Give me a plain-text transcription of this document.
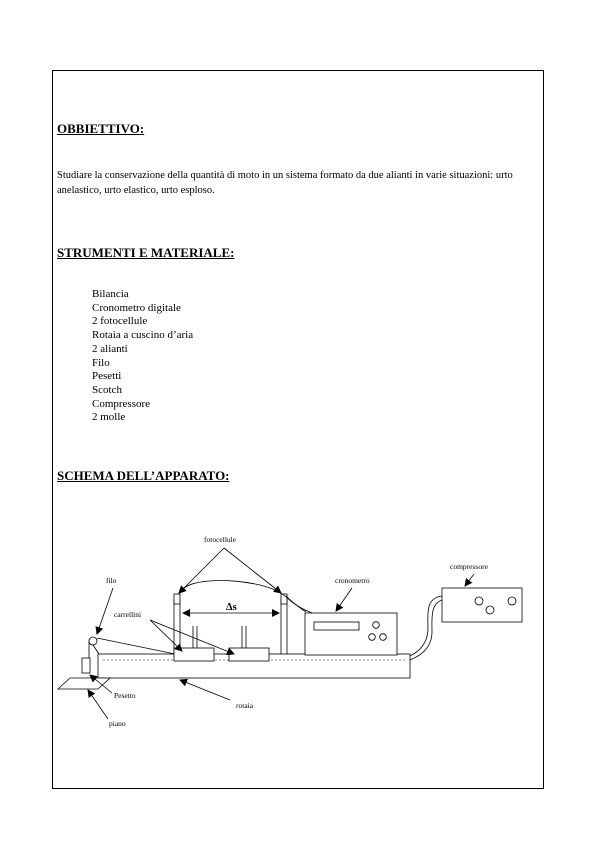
OBBIETTIVO:
Studiare la conservazione della quantità di moto in un sistema formato da due alianti in varie situazioni: urto anelastico, urto elastico, urto esploso.
STRUMENTI E MATERIALE:
Bilancia
Cronometro digitale
2 fotocellule
Rotaia a cuscino d’aria
2 alianti
Filo
Pesetti
Scotch
Compressore
2 molle
SCHEMA DELL’APPARATO:
fotocellule
compressore
filo	cronometro
carrellini
Δs
Pesetto
rotaia
piano
